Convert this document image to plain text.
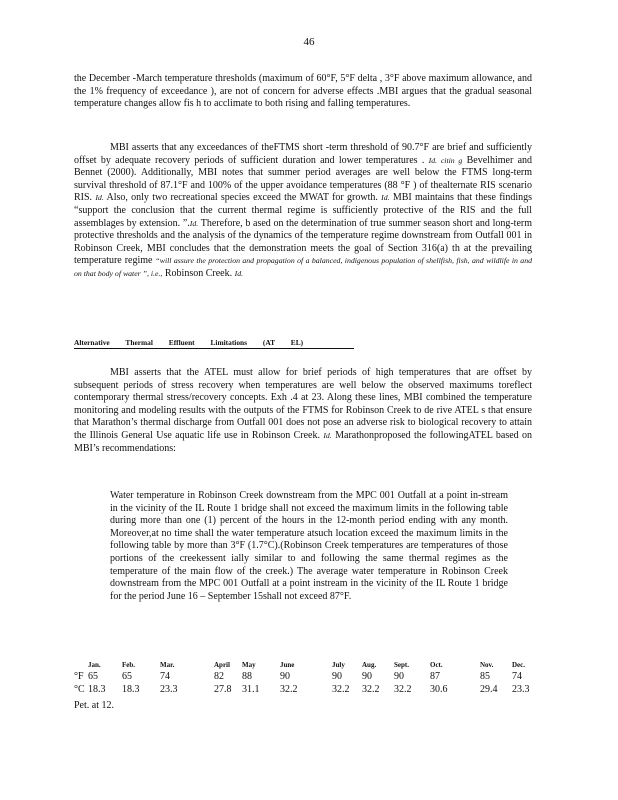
46

the December -March temperature thresholds (maximum of 60°F, 5°F delta , 3°F above maximum allowance, and the 1% frequency of exceedance ), are not of concern for adverse effects .MBI argues that the gradual seasonal temperature changes allow fis h to acclimate to both rising and falling temperatures.

MBI asserts that any exceedances of theFTMS short -term threshold of 90.7°F are brief and sufficiently offset by adequate recovery periods of sufficient duration and lower temperatures . Id. citin g Bevelhimer and Bennet (2000). Additionally, MBI notes that summer period averages are well below the FTMS long-term survival threshold of 87.1°F and 100% of the upper avoidance temperatures (88 °F ) of thealternate RIS scenario RIS. Id. Also, only two recreational species exceed the MWAT for growth. Id. MBI maintains that these findings “support the conclusion that the current thermal regime is sufficiently protective of the RIS and the full assemblages by extension. ”.Id. Therefore, b ased on the determination of true summer season short and long-term protective thresholds and the analysis of the dynamics of the temperature regime downstream from Outfall 001 in Robinson Creek, MBI concludes that the demonstration meets the goal of Section 316(a) th at the prevailing temperature regime “will assure the protection and propagation of a balanced, indigenous population of shellfish, fish, and wildlife in and on that body of water ”, i.e., Robinson Creek. Id.

Alternative Thermal Effluent Limitations (AT EL)

MBI asserts that the ATEL must allow for brief periods of high temperatures that are offset by subsequent periods of stress recovery when temperatures are well below the observed maximums toreflect contemporary thermal stress/recovery concepts. Exh .4 at 23. Along these lines, MBI combined the temperature monitoring and modeling results with the outputs of the FTMS for Robinson Creek to de rive ATEL s that ensure that Marathon’s thermal discharge from Outfall 001 does not pose an adverse risk to biological recovery to attain the Illinois General Use aquatic life use in Robinson Creek. Id. Marathonproposed the followingATEL based on MBI’s recommendations:

Water temperature in Robinson Creek downstream from the MPC 001 Outfall at a point in-stream in the vicinity of the IL Route 1 bridge shall not exceed the maximum limits in the following table during more than one (1) percent of the hours in the 12-month period ending with any month. Moreover,at no time shall the water temperature atsuch location exceed the maximum limits in the following table by more than 3°F (1.7°C).(Robinson Creek temperatures are temperatures of those portions of the creekessent ially similar to and following the same thermal regimes as the temperature of the main flow of the creek.) The average water temperature in Robinson Creek downstream from the MPC 001 Outfall at a point instream in the vicinity of the IL Route 1 bridge for the period June 16 – September 15shall not exceed 87°F.

	Jan.	Feb.	Mar.	April	May	June	July	Aug.	Sept.	Oct.	Nov.	Dec.
°F	65	65	74	82	88	90	90	90	90	87	85	74
°C	18.3	18.3	23.3	27.8	31.1	32.2	32.2	32.2	32.2	30.6	29.4	23.3
Pet. at 12.
